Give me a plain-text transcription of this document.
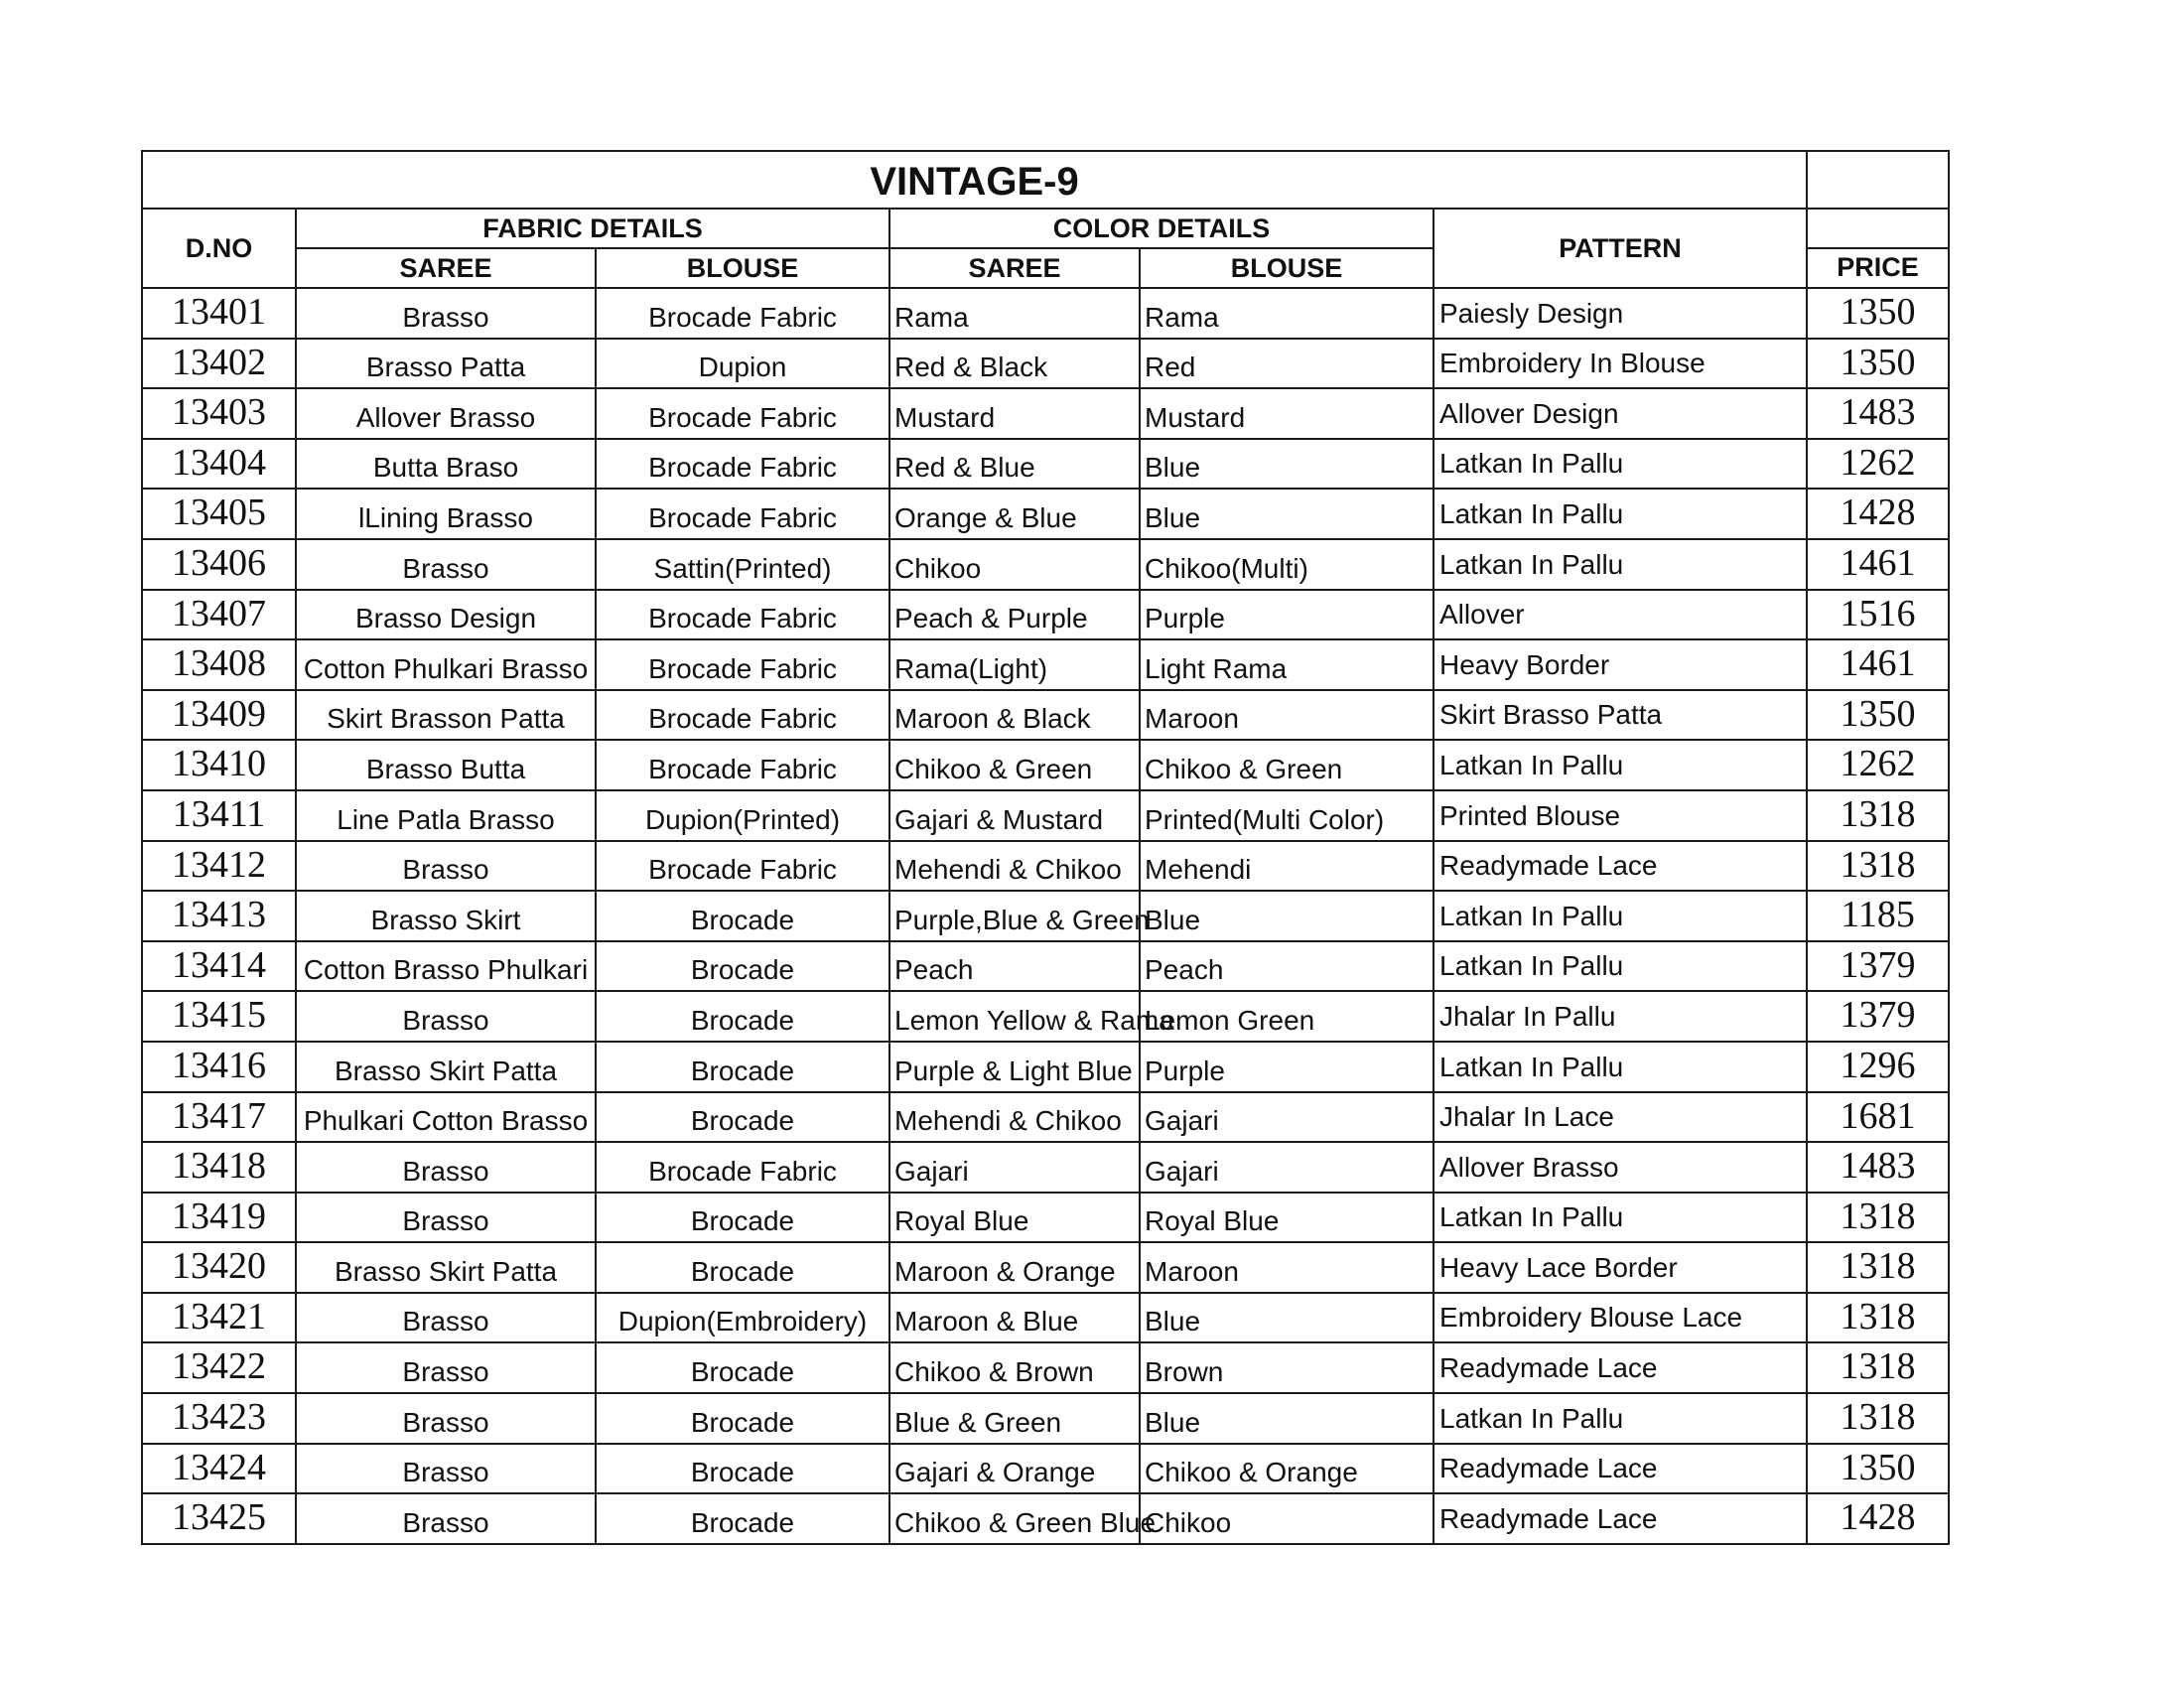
VINTAGE-9						
D.NO	FABRIC DETAILS		COLOR DETAILS		PATTERN	
	SAREE	BLOUSE	SAREE	BLOUSE		PRICE
13401	Brasso	Brocade Fabric	Rama	Rama	Paiesly Design	1350
13402	Brasso Patta	Dupion	Red & Black	Red	Embroidery In Blouse	1350
13403	Allover Brasso	Brocade Fabric	Mustard	Mustard	Allover Design	1483
13404	Butta Braso	Brocade Fabric	Red & Blue	Blue	Latkan In Pallu	1262
13405	lLining Brasso	Brocade Fabric	Orange & Blue	Blue	Latkan In Pallu	1428
13406	Brasso	Sattin(Printed)	Chikoo	Chikoo(Multi)	Latkan In Pallu	1461
13407	Brasso Design	Brocade Fabric	Peach & Purple	Purple	Allover	1516
13408	Cotton Phulkari Brasso	Brocade Fabric	Rama(Light)	Light Rama	Heavy Border	1461
13409	Skirt Brasson Patta	Brocade Fabric	Maroon & Black	Maroon	Skirt Brasso Patta	1350
13410	Brasso Butta	Brocade Fabric	Chikoo & Green	Chikoo & Green	Latkan In Pallu	1262
13411	Line Patla Brasso	Dupion(Printed)	Gajari & Mustard	Printed(Multi Color)	Printed Blouse	1318
13412	Brasso	Brocade Fabric	Mehendi & Chikoo	Mehendi	Readymade Lace	1318
13413	Brasso Skirt	Brocade	Purple,Blue & Green	Blue	Latkan In Pallu	1185
13414	Cotton Brasso Phulkari	Brocade	Peach	Peach	Latkan In Pallu	1379
13415	Brasso	Brocade	Lemon Yellow & Rama	Lemon Green	Jhalar In Pallu	1379
13416	Brasso Skirt Patta	Brocade	Purple & Light Blue	Purple	Latkan In Pallu	1296
13417	Phulkari Cotton Brasso	Brocade	Mehendi & Chikoo	Gajari	Jhalar In Lace	1681
13418	Brasso	Brocade Fabric	Gajari	Gajari	Allover Brasso	1483
13419	Brasso	Brocade	Royal Blue	Royal Blue	Latkan In Pallu	1318
13420	Brasso Skirt Patta	Brocade	Maroon & Orange	Maroon	Heavy Lace Border	1318
13421	Brasso	Dupion(Embroidery)	Maroon & Blue	Blue	Embroidery Blouse Lace	1318
13422	Brasso	Brocade	Chikoo & Brown	Brown	Readymade Lace	1318
13423	Brasso	Brocade	Blue & Green	Blue	Latkan In Pallu	1318
13424	Brasso	Brocade	Gajari & Orange	Chikoo & Orange	Readymade Lace	1350
13425	Brasso	Brocade	Chikoo & Green Blue	Chikoo	Readymade Lace	1428
